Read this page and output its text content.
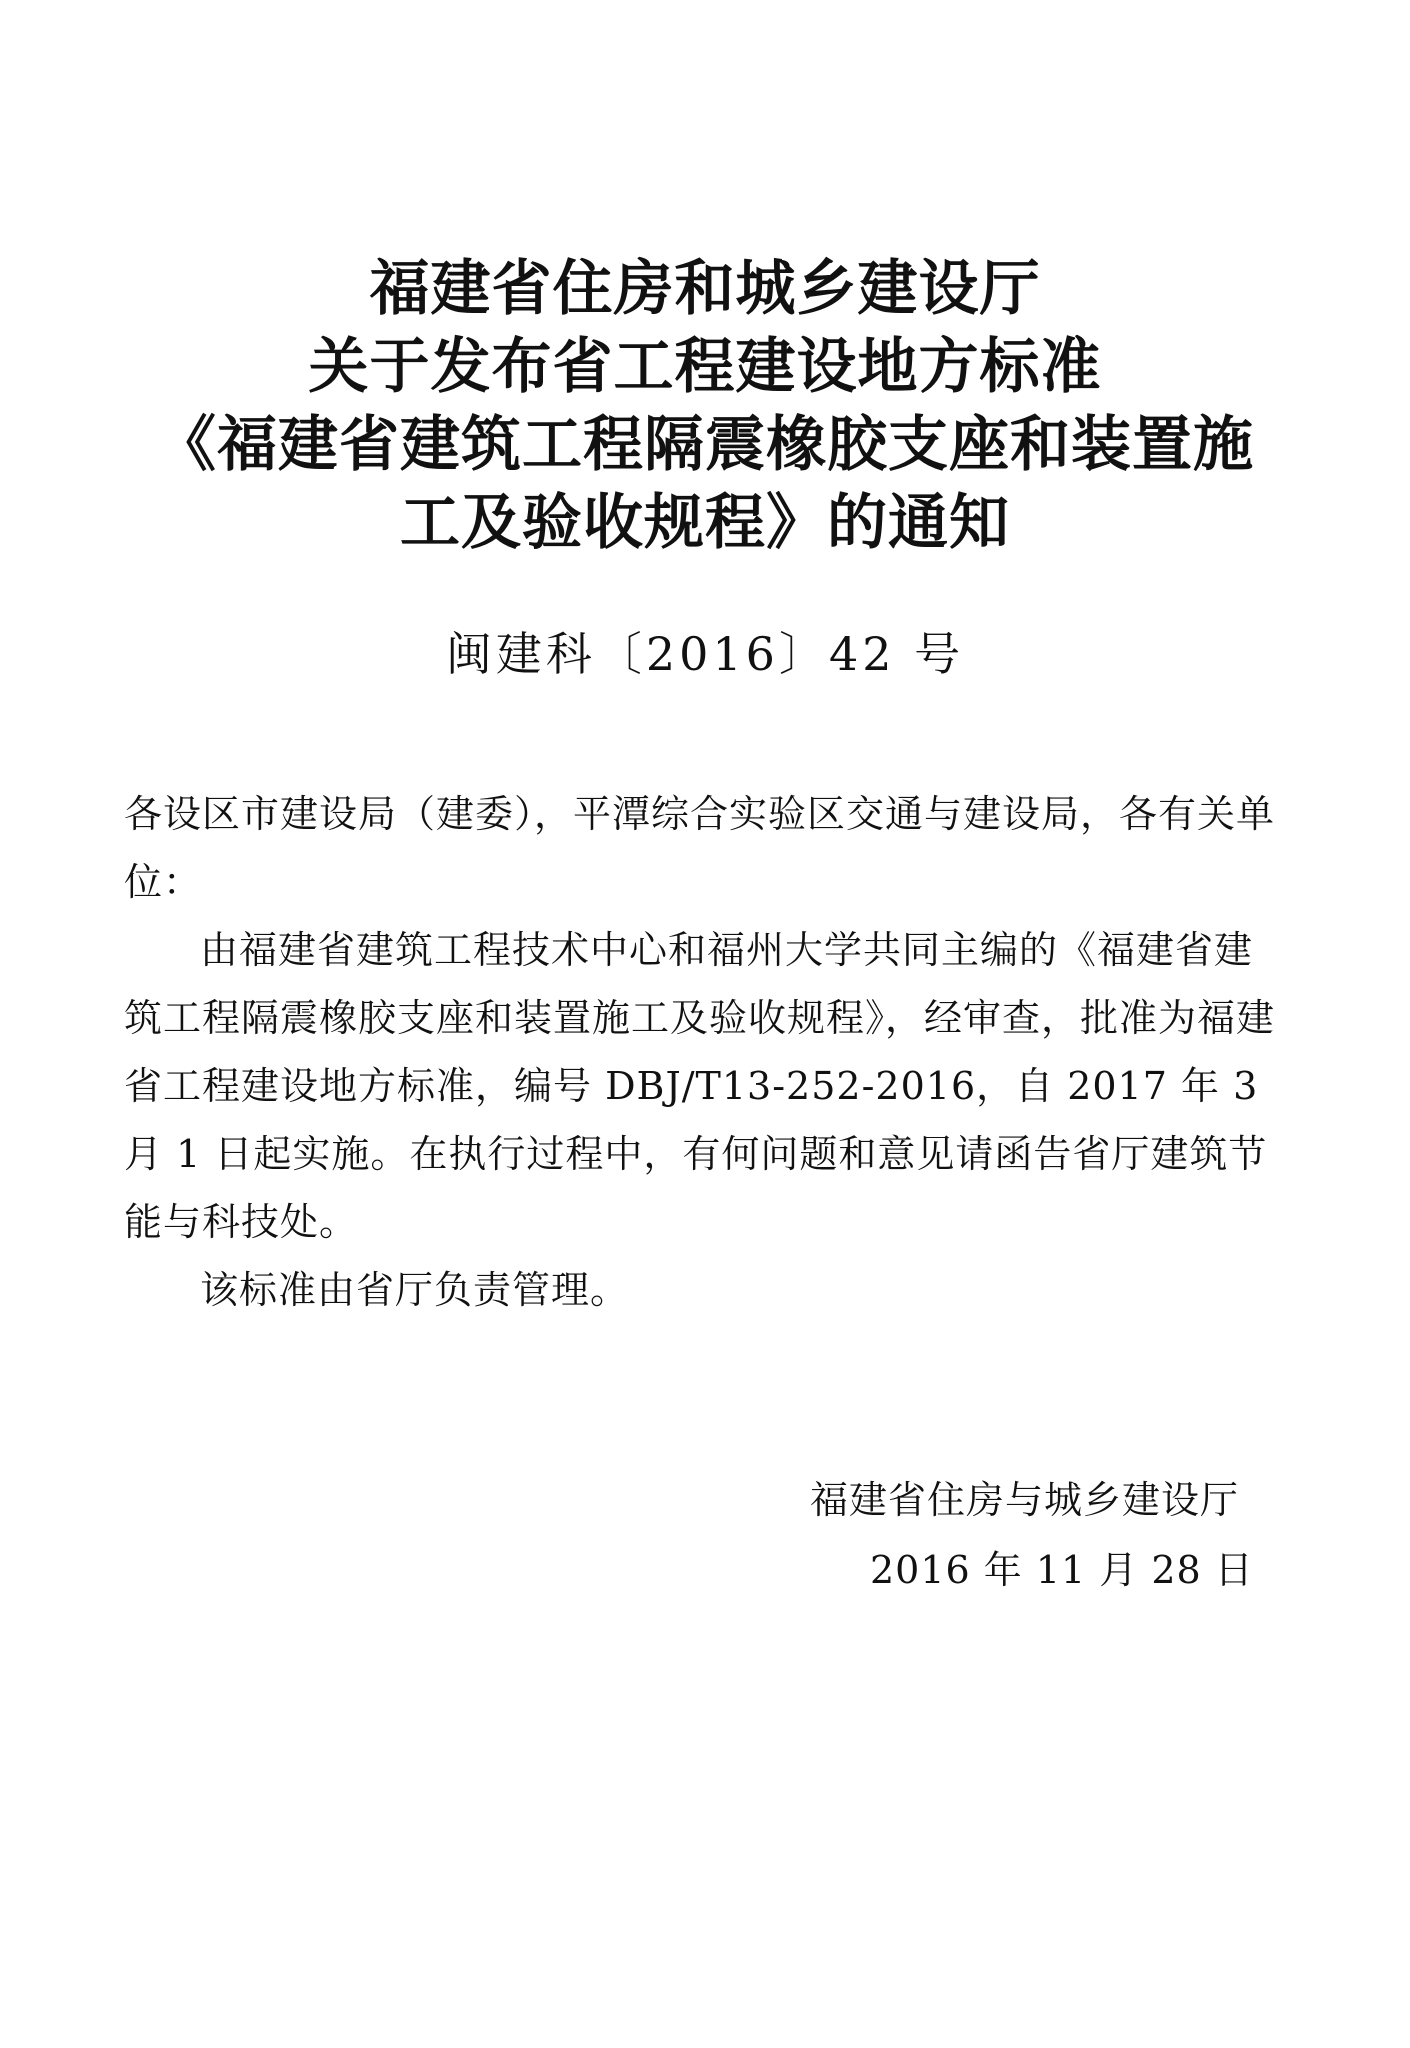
福建省住房和城乡建设厅
关于发布省工程建设地方标准
《福建省建筑工程隔震橡胶支座和装置施
工及验收规程》的通知
闽建科〔2016〕42 号

各设区市建设局（建委），平潭综合实验区交通与建设局，各有关单位：

由福建省建筑工程技术中心和福州大学共同主编的《福建省建筑工程隔震橡胶支座和装置施工及验收规程》，经审查，批准为福建省工程建设地方标准，编号 DBJ/T13-252-2016，自 2017 年 3 月 1 日起实施。在执行过程中，有何问题和意见请函告省厅建筑节能与科技处。

该标准由省厅负责管理。

福建省住房与城乡建设厅
2016 年 11 月 28 日
